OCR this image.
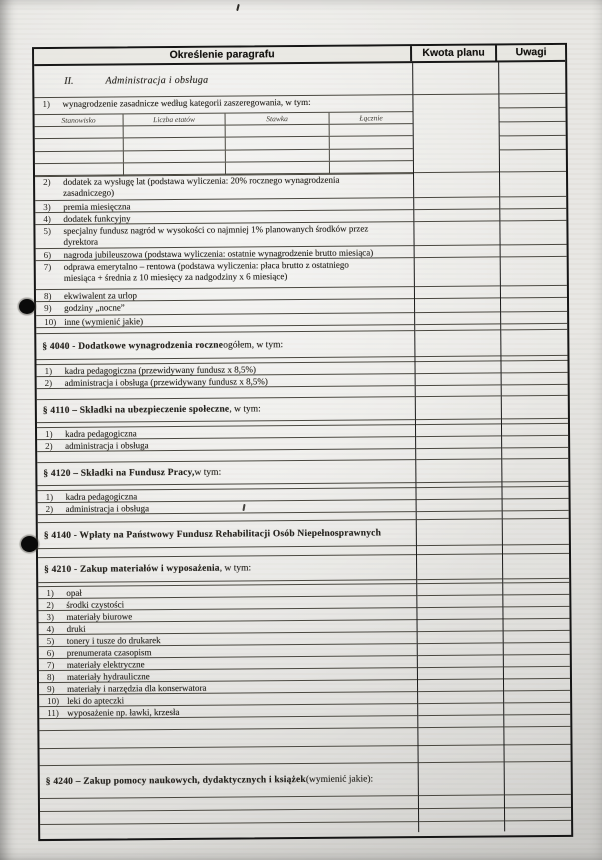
Określenie paragrafu	Kwota planu	Uwagi
II.	Administracja i obsługa
1) wynagrodzenie zasadnicze według kategorii zaszeregowania, w tym:
Stanowisko	Liczba etatów	Stawka	Łącznie
2) dodatek za wysługę lat (podstawa wyliczenia: 20% rocznego wynagrodzenia
zasadniczego)
3) premia miesięczna
4) dodatek funkcyjny
5) specjalny fundusz nagród w wysokości co najmniej 1% planowanych środków przez
dyrektora
6) nagroda jubileuszowa (podstawa wyliczenia: ostatnie wynagrodzenie brutto miesiąca)
7) odprawa emerytalno – rentowa (podstawa wyliczenia: płaca brutto z ostatniego
miesiąca + średnia z 10 miesięcy za nadgodziny x 6 miesiące)
8) ekwiwalent za urlop
9) godziny „nocne”
10) inne (wymienić jakie)
§ 4040 - Dodatkowe wynagrodzenia roczne ogółem, w tym:
1) kadra pedagogiczna (przewidywany fundusz x 8,5%)
2) administracja i obsługa (przewidywany fundusz x 8,5%)
§ 4110 – Składki na ubezpieczenie społeczne , w tym:
1) kadra pedagogiczna
2) administracja i obsługa
§ 4120 – Składki na Fundusz Pracy, w tym:
1) kadra pedagogiczna
2) administracja i obsługa
§ 4140 - Wpłaty na Państwowy Fundusz Rehabilitacji Osób Niepełnosprawnych
§ 4210 - Zakup materiałów i wyposażenia , w tym:
1) opał
2) środki czystości
3) materiały biurowe
4) druki
5) tonery i tusze do drukarek
6) prenumerata czasopism
7) materiały elektryczne
8) materiały hydrauliczne
9) materiały i narzędzia dla konserwatora
10) leki do apteczki
11) wyposażenie np. ławki, krzesła
§ 4240 – Zakup pomocy naukowych, dydaktycznych i książek (wymienić jakie):
